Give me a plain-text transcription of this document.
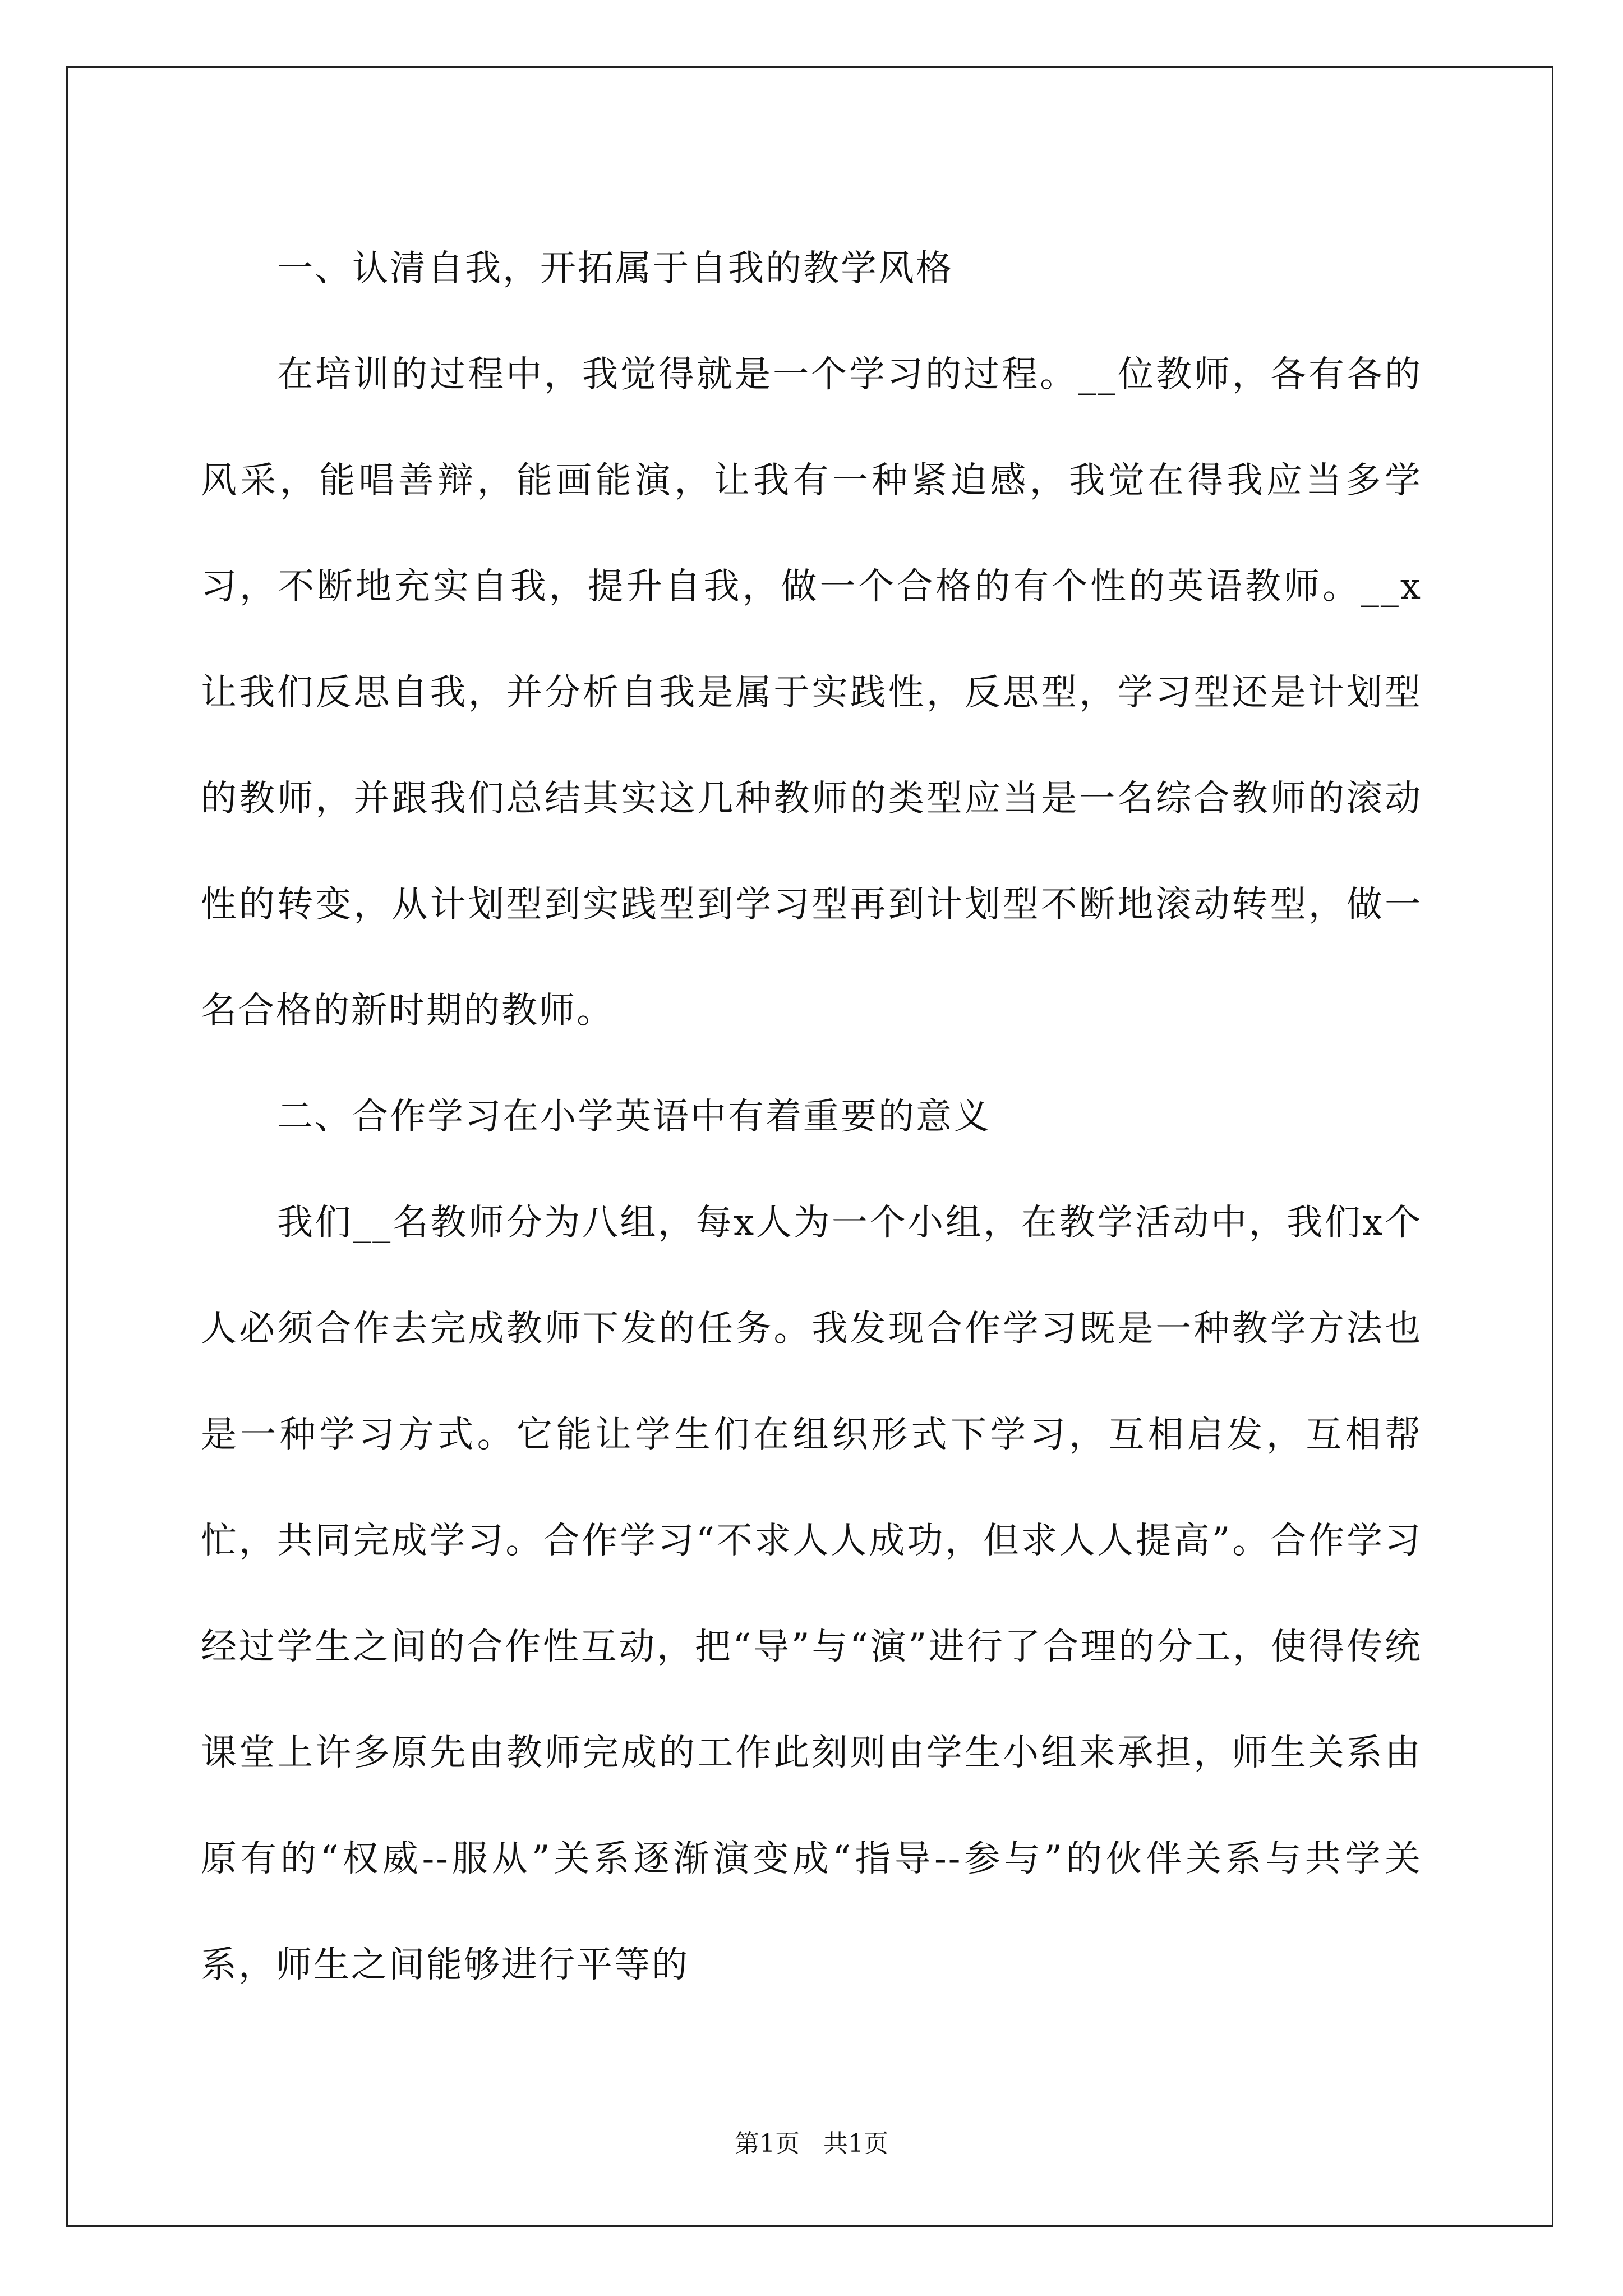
一、认清自我，开拓属于自我的教学风格

在培训的过程中，我觉得就是一个学习的过程。__位教师，各有各的风采，能唱善辩，能画能演，让我有一种紧迫感，我觉在得我应当多学习，不断地充实自我，提升自我，做一个合格的有个性的英语教师。__x让我们反思自我，并分析自我是属于实践性，反思型，学习型还是计划型的教师，并跟我们总结其实这几种教师的类型应当是一名综合教师的滚动性的转变，从计划型到实践型到学习型再到计划型不断地滚动转型，做一名合格的新时期的教师。

二、合作学习在小学英语中有着重要的意义

我们__名教师分为八组，每x人为一个小组，在教学活动中，我们x个人必须合作去完成教师下发的任务。我发现合作学习既是一种教学方法也是一种学习方式。它能让学生们在组织形式下学习，互相启发，互相帮忙，共同完成学习。合作学习“不求人人成功，但求人人提高”。合作学习经过学生之间的合作性互动，把“导”与“演”进行了合理的分工，使得传统课堂上许多原先由教师完成的工作此刻则由学生小组来承担，师生关系由原有的“权威--服从”关系逐渐演变成“指导--参与”的伙伴关系与共学关系，师生之间能够进行平等的

第1页 共1页
